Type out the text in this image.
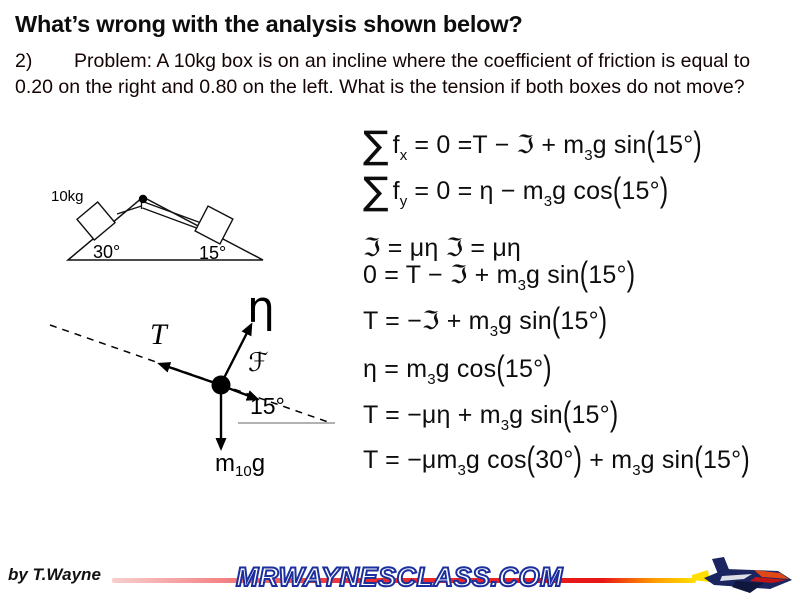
What’s wrong with the analysis shown below?
2) Problem: A 10kg box is on an incline where the coefficient of friction is equal to
0.20 on the right and 0.80 on the left. What is the tension if both boxes do not move?
10kg
30°	15°
T
η
ℱ
15°
$m_{10}g$
∑ $f_x = 0 =T$ − ℑ + $m_3g$ sin(15°)
∑ $f_y = 0 = \eta - m_3g$ cos(15°)
ℑ = μη ℑ = μη
0 = T − ℑ + $m_3g$ sin(15°)
T = −ℑ + $m_3g$ sin(15°)
$\eta = m_3g$ cos(15°)
$T = -\mu\eta + m_3g$ sin(15°)
$T = -\mu m_3g$ $\cos(30^\circ) + m_3g$ sin(15°)
by T.Wayne	MRWAYNESCLASS.COM
